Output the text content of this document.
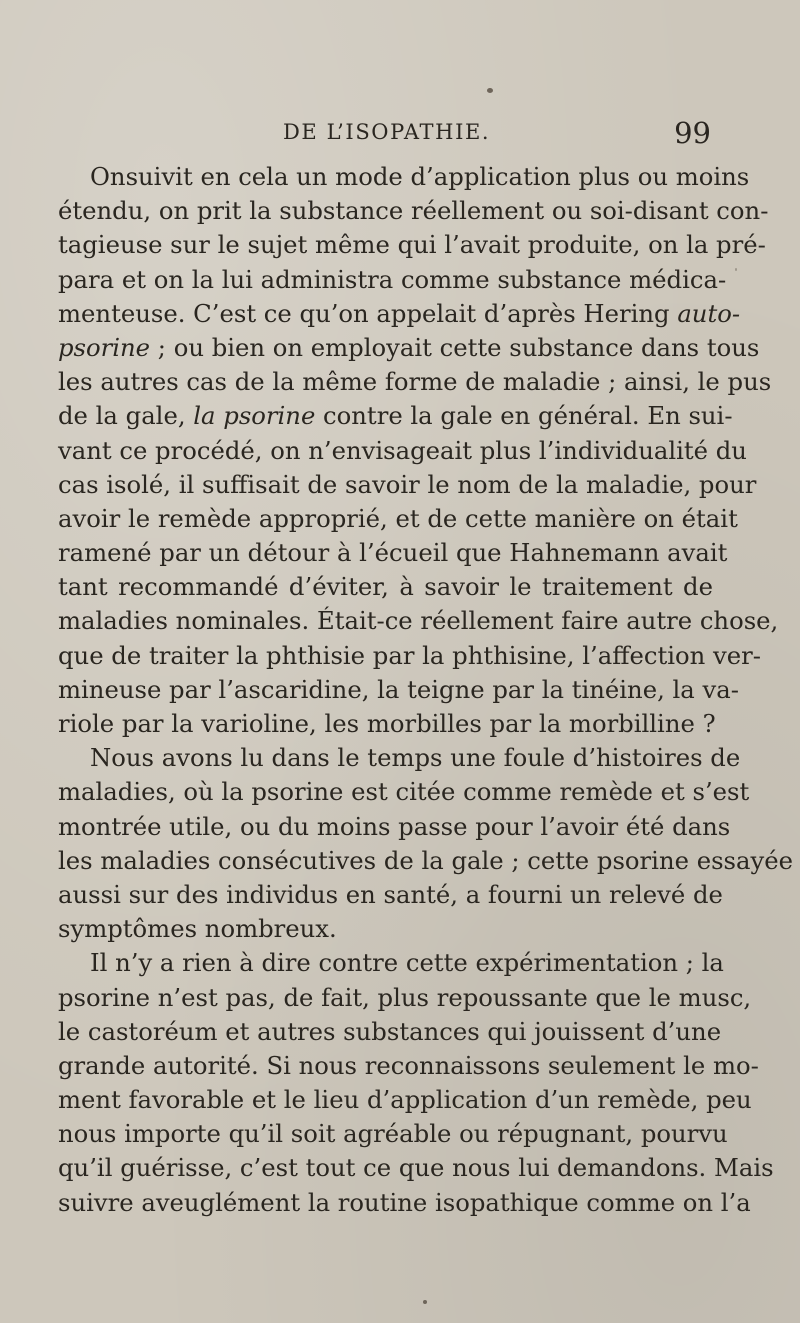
DE L’ISOPATHIE.	99
Onsuivit en cela un mode d’application plus ou moins
étendu, on prit la substance réellement ou soi-disant con-
tagieuse sur le sujet même qui l’avait produite, on la pré-
para et on la lui administra comme substance médica-
menteuse. C’est ce qu’on appelait d’après Hering auto-
psorine ; ou bien on employait cette substance dans tous
les autres cas de la même forme de maladie ; ainsi, le pus
de la gale, la psorine contre la gale en général. En sui-
vant ce procédé, on n’envisageait plus l’individualité du
cas isolé, il suffisait de savoir le nom de la maladie, pour
avoir le remède approprié, et de cette manière on était
ramené par un détour à l’écueil que Hahnemann avait
tant recommandé d’éviter, à savoir le traitement de
maladies nominales. Était-ce réellement faire autre chose,
que de traiter la phthisie par la phthisine, l’affection ver-
mineuse par l’ascaridine, la teigne par la tinéine, la va-
riole par la varioline, les morbilles par la morbilline ?
Nous avons lu dans le temps une foule d’histoires de
maladies, où la psorine est citée comme remède et s’est
montrée utile, ou du moins passe pour l’avoir été dans
les maladies consécutives de la gale ; cette psorine essayée
aussi sur des individus en santé, a fourni un relevé de
symptômes nombreux.
Il n’y a rien à dire contre cette expérimentation ; la
psorine n’est pas, de fait, plus repoussante que le musc,
le castoréum et autres substances qui jouissent d’une
grande autorité. Si nous reconnaissons seulement le mo-
ment favorable et le lieu d’application d’un remède, peu
nous importe qu’il soit agréable ou répugnant, pourvu
qu’il guérisse, c’est tout ce que nous lui demandons. Mais
suivre aveuglément la routine isopathique comme on l’a
